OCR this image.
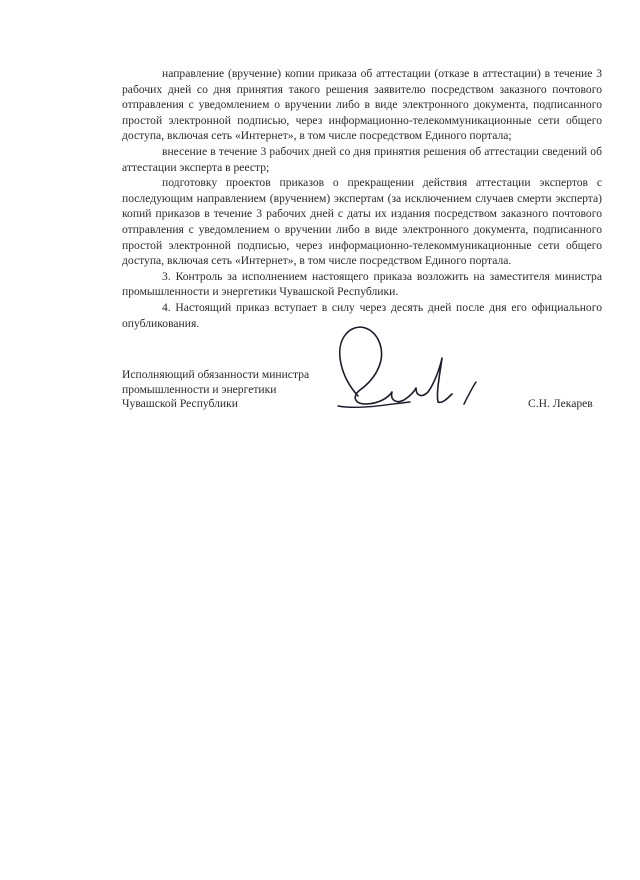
направление (вручение) копии приказа об аттестации (отказе в аттестации) в течение 3 рабочих дней со дня принятия такого решения заявителю посредством заказного почтового отправления с уведомлением о вручении либо в виде электронного документа, подписанного простой электронной подписью, через информационно-телекоммуникационные сети общего доступа, включая сеть «Интернет», в том числе посредством Единого портала;

внесение в течение 3 рабочих дней со дня принятия решения об аттестации сведений об аттестации эксперта в реестр;

подготовку проектов приказов о прекращении действия аттестации экспертов с последующим направлением (вручением) экспертам (за исключением случаев смерти эксперта) копий приказов в течение 3 рабочих дней с даты их издания посредством заказного почтового отправления с уведомлением о вручении либо в виде электронного документа, подписанного простой электронной подписью, через информационно-телекоммуникационные сети общего доступа, включая сеть «Интернет», в том числе посредством Единого портала.

3. Контроль за исполнением настоящего приказа возложить на заместителя министра промышленности и энергетики Чувашской Республики.

4. Настоящий приказ вступает в силу через десять дней после дня его официального опубликования.

Исполняющий обязанности министра
промышленности и энергетики
Чувашской Республики	С.Н. Лекарев
